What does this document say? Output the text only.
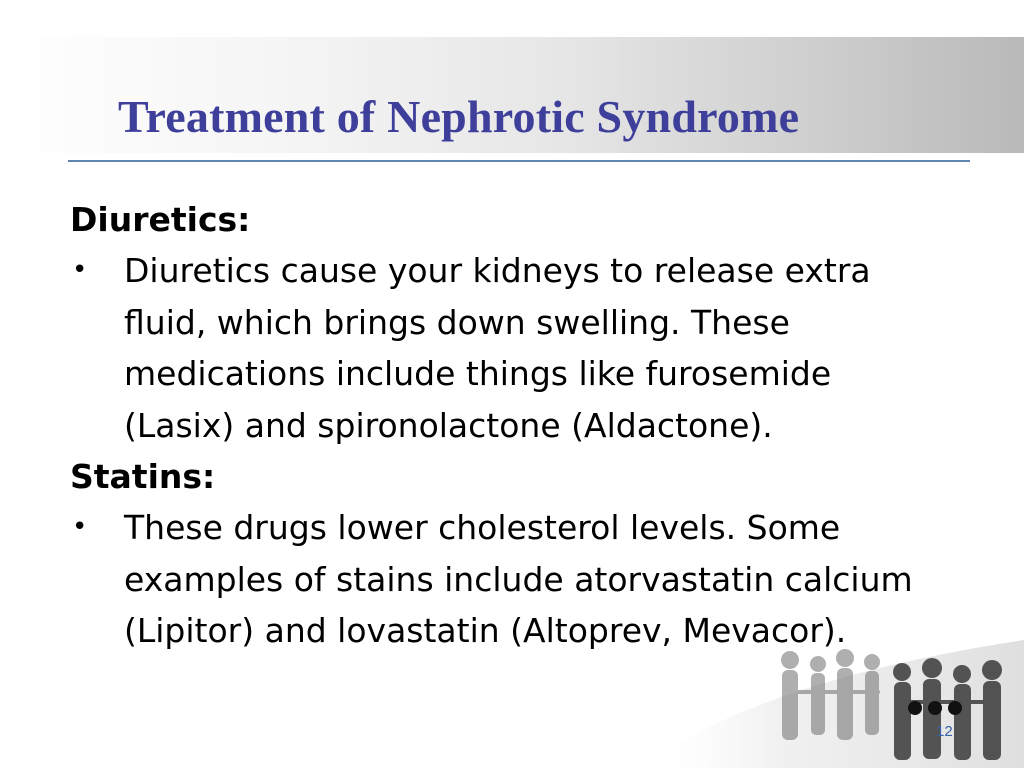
Treatment of Nephrotic Syndrome
Diuretics:
•	Diuretics cause your kidneys to release extra
fluid, which brings down swelling. These
medications include things like furosemide
(Lasix) and spironolactone (Aldactone).
Statins:
•	These drugs lower cholesterol levels. Some
examples of stains include atorvastatin calcium
(Lipitor) and lovastatin (Altoprev, Mevacor).
12
